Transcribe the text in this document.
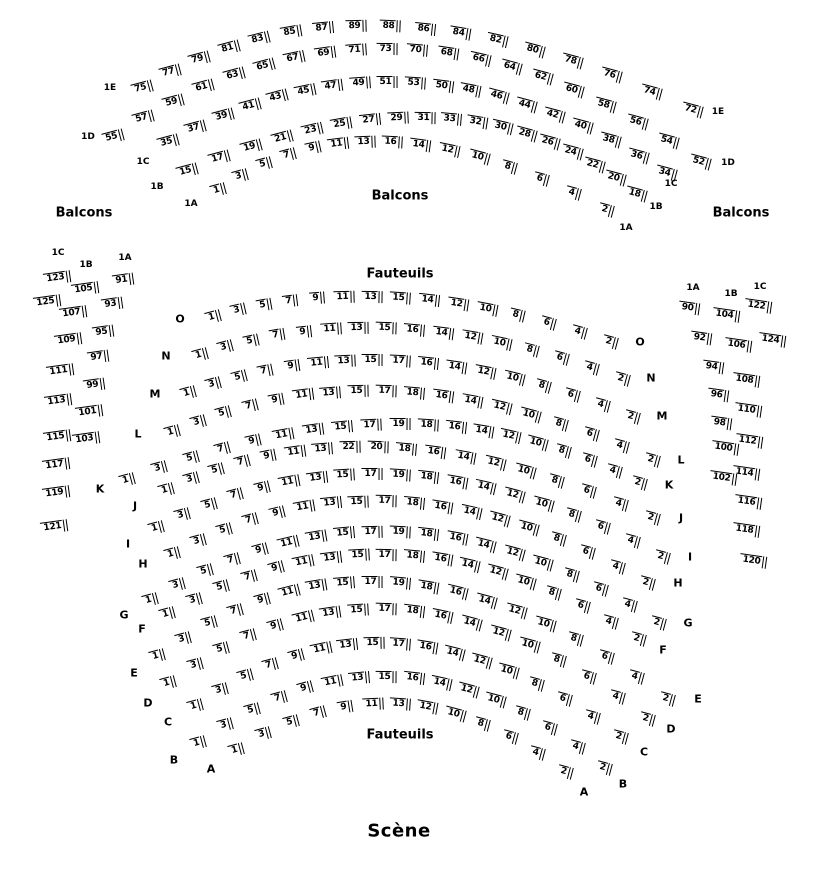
Balcons
Balcons
Balcons
Fauteuils
Fauteuils
Scène
75
77
79
81
83
85	87	89	88	86	84
82
80
78
76
74
72
1E
1E
55
57
59
61
63
65
67	69	71	73	70	68	66
64
62
60
58
56
54
52
1D
1D
35
37
39
41
43
45	47	49	51	53	50	48	46
44
42
40
38
36
34
1C
1C
15
17
19
21
23	25	27	29	31	33	32	30
28
26
24
22
20
18
1B
1B
1
3
5
7
9	11	13	16	14	12
10
8
6
4
2
1A
1A
1
3	5	7	9	11	13	15	14	12	10
8
6
4
2
O
O
1
3
5	7	9	11	13	15	16	14	12	10
8
6
4
2
N
N
1
3
5
7	9	11	13	15	17	16	14	12	10
8
6
4
2
M
M
1
3
5
7
9	11	13	15	17	18	16	14	12
10
8
6
4
2
L
L
1
3
5
7
9
11	13	15	17	19	18	16	14	12
10
8
6
4
2
K	K
1
3
5
7
9	11	13	22	20	18	16	14	12
10
8
6
4
2
J
J
1
3
5
7
9	11	13	15	17	19	18	16	14
12
10
8
6
4
2
I
I
1
3
5
7
9	11	13	15	17	18	16	14
12
10
8
6
4
2
H
H
1
3
5
7
9
11	13	15	17	19	18	16	14
12
10
8
6
4
2
G
G
1
3
5
7
9
11	13	15	17	18	16	14
12
10
8
6
4
2
F
F
1
3
5
7
9
11	13	15	17	19	18	16
14
12
10
8
6
4
2
E
E
1
3
5
7
9
11	13	15	17	18	16
14
12
10
8
6
4
2
D
D
1
3
5
7
9
11	13	15	17	16	14
12
10
8
6
4
2
C
C
1
3
5
7
9
11	13	15	16	14
12
10
8
6
4
2
B
B
1
3
5
7
9	11	13	12
10
8
6
4
2
A
A
123
125
105
107
109
111
113
115
117
119
121
91
93
95
97
99
101
103
1C
1B
1A
122
124
104
106
108
110
112
114
116
118
120
90
92
94
96
98
100
102
1A
1B
1C
